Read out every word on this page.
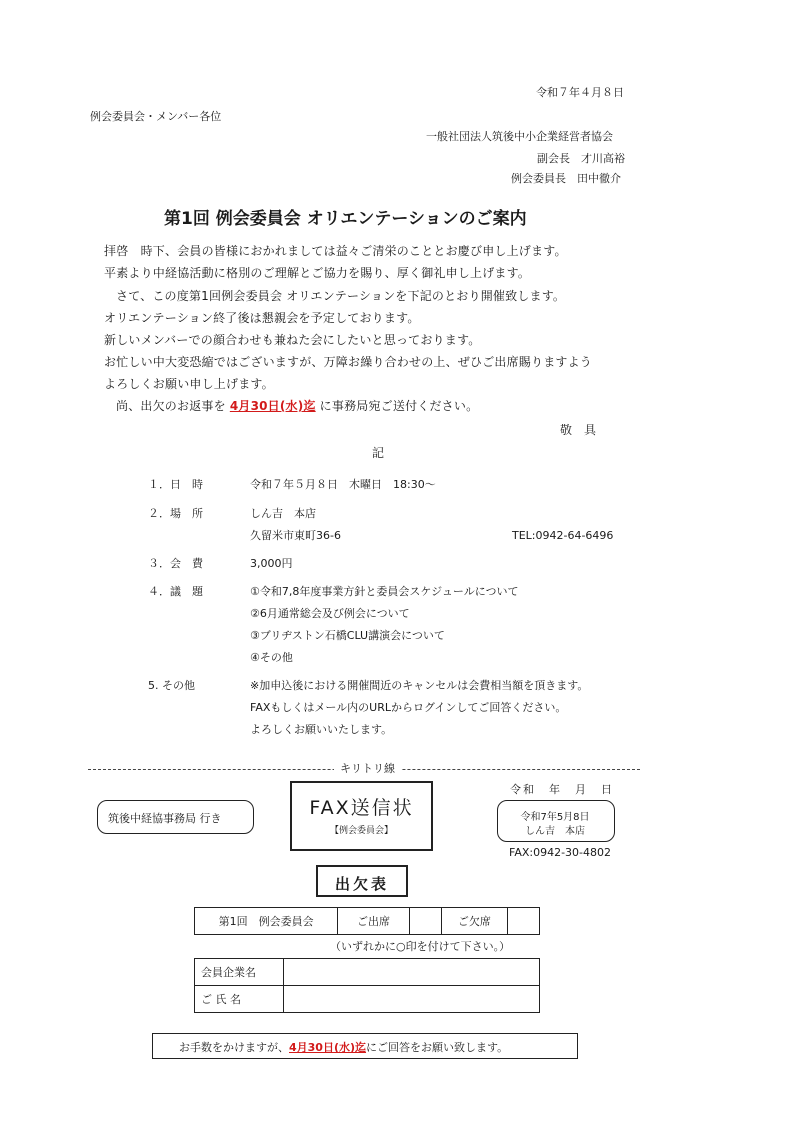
令和７年４月８日
例会委員会・メンバー各位
一般社団法人筑後中小企業経営者協会
副会長　才川高裕
例会委員長　田中徹介
第1回 例会委員会 オリエンテーションのご案内
拝啓　時下、会員の皆様におかれましては益々ご清栄のこととお慶び申し上げます。
平素より中経協活動に格別のご理解とご協力を賜り、厚く御礼申し上げます。
さて、この度第1回例会委員会 オリエンテーションを下記のとおり開催致します。
オリエンテーション終了後は懇親会を予定しております。
新しいメンバーでの顔合わせも兼ねた会にしたいと思っております。
お忙しい中大変恐縮ではございますが、万障お繰り合わせの上、ぜひご出席賜りますよう
よろしくお願い申し上げます。
尚、出欠のお返事を 4月30日(水)迄 に事務局宛ご送付ください。
敬　具
記
１．日　時	令和７年５月８日　木曜日　18:30～
２．場　所	しん吉　本店
久留米市東町36-6	TEL:0942-64-6496
３．会　費	3,000円
４．議　題	①令和7,8年度事業方針と委員会スケジュールについて
②6月通常総会及び例会について
③ブリヂストン石橋CLU講演会について
④その他
5. その他	※加申込後における開催間近のキャンセルは会費相当額を頂きます。
FAXもしくはメール内のURLからログインしてご回答ください。
よろしくお願いいたします。
キリトリ線
筑後中経協事務局 行き	FAX送信状
【例会委員会】
令和　年　月　日
令和7年5月8日
しん吉　本店
FAX:0942-30-4802
出欠表
第1回　例会委員会	ご出席		ご欠席	
（いずれかに○印を付けて下さい。）
会員企業名	
ご 氏 名	
お手数をかけますが、4月30日(水)迄にご回答をお願い致します。
